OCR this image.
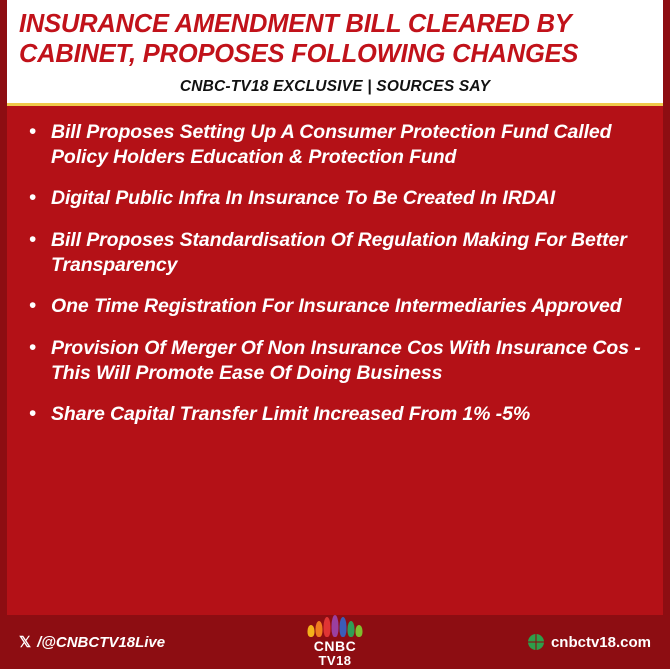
INSURANCE AMENDMENT BILL CLEARED BY CABINET, PROPOSES FOLLOWING CHANGES
CNBC-TV18 EXCLUSIVE | SOURCES SAY
• Bill Proposes Setting Up A Consumer Protection Fund Called Policy Holders Education & Protection Fund
• Digital Public Infra In Insurance To Be Created In IRDAI
• Bill Proposes Standardisation Of Regulation Making For Better Transparency
• One Time Registration For Insurance Intermediaries Approved
• Provision Of Merger Of Non Insurance Cos With Insurance Cos - This Will Promote Ease Of Doing Business
• Share Capital Transfer Limit Increased From 1% -5%
𝕏 /@CNBCTV18Live	CNBC
TV18
cnbctv18.com
